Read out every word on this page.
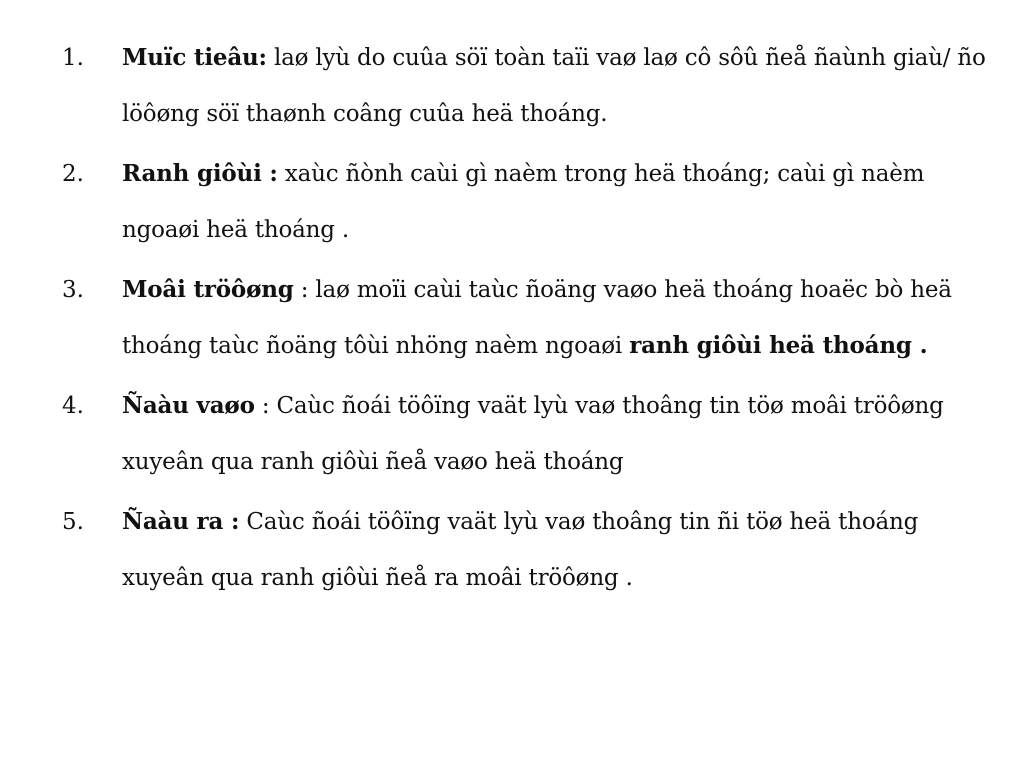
1.	Muïc tieâu: laø lyù do cuûa söï toàn taïi vaø laø cô sôû ñeå ñaùnh giaù/ ño löôøng söï thaønh coâng cuûa heä thoáng.
2.	Ranh giôùi : xaùc ñònh caùi gì naèm trong heä thoáng; caùi gì naèm ngoaøi heä thoáng .
3.	Moâi tröôøng : laø moïi caùi taùc ñoäng vaøo heä thoáng hoaëc bò heä thoáng taùc ñoäng tôùi nhöng naèm ngoaøi ranh giôùi heä thoáng .
4.	Ñaàu vaøo : Caùc ñoái töôïng vaät lyù vaø thoâng tin töø moâi tröôøng xuyeân qua ranh giôùi ñeå vaøo heä thoáng
5.	Ñaàu ra : Caùc ñoái töôïng vaät lyù vaø thoâng tin ñi töø heä thoáng xuyeân qua ranh giôùi ñeå ra moâi tröôøng .
